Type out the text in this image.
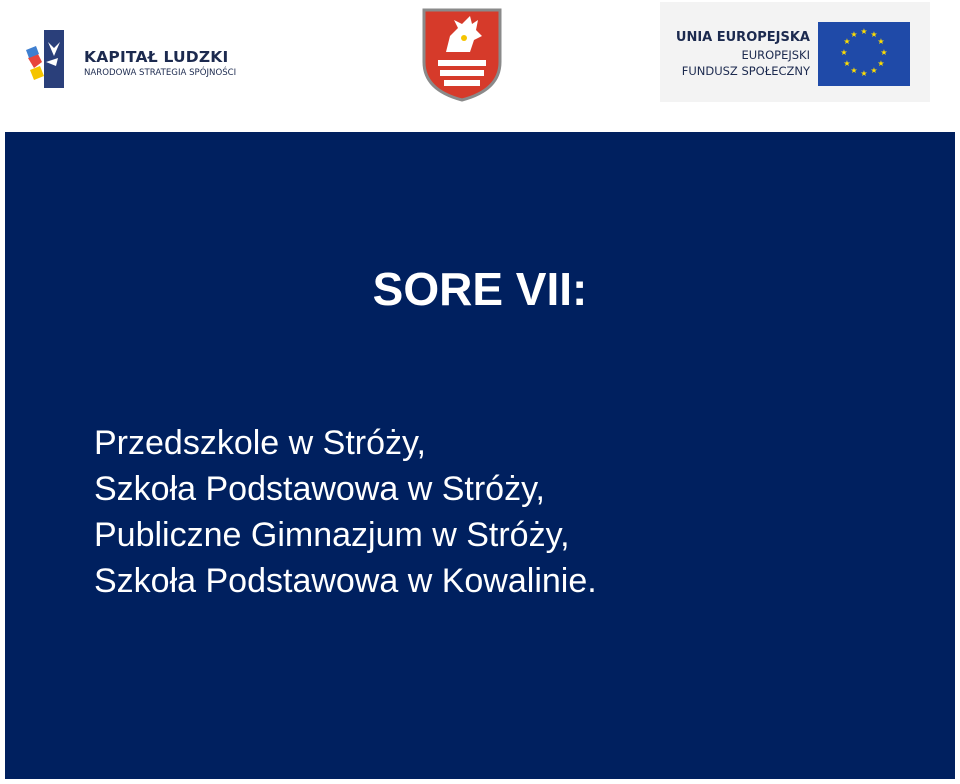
KAPITAŁ LUDZKI
NARODOWA STRATEGIA SPÓJNOŚCI
UNIA EUROPEJSKA
EUROPEJSKI
FUNDUSZ SPOŁECZNY
★ ★
★
★
★
★
★
★
★
★
★
★
SORE VII:
Przedszkole w Stróży,
Szkoła Podstawowa w Stróży,
Publiczne Gimnazjum w Stróży,
Szkoła Podstawowa w Kowalinie.
